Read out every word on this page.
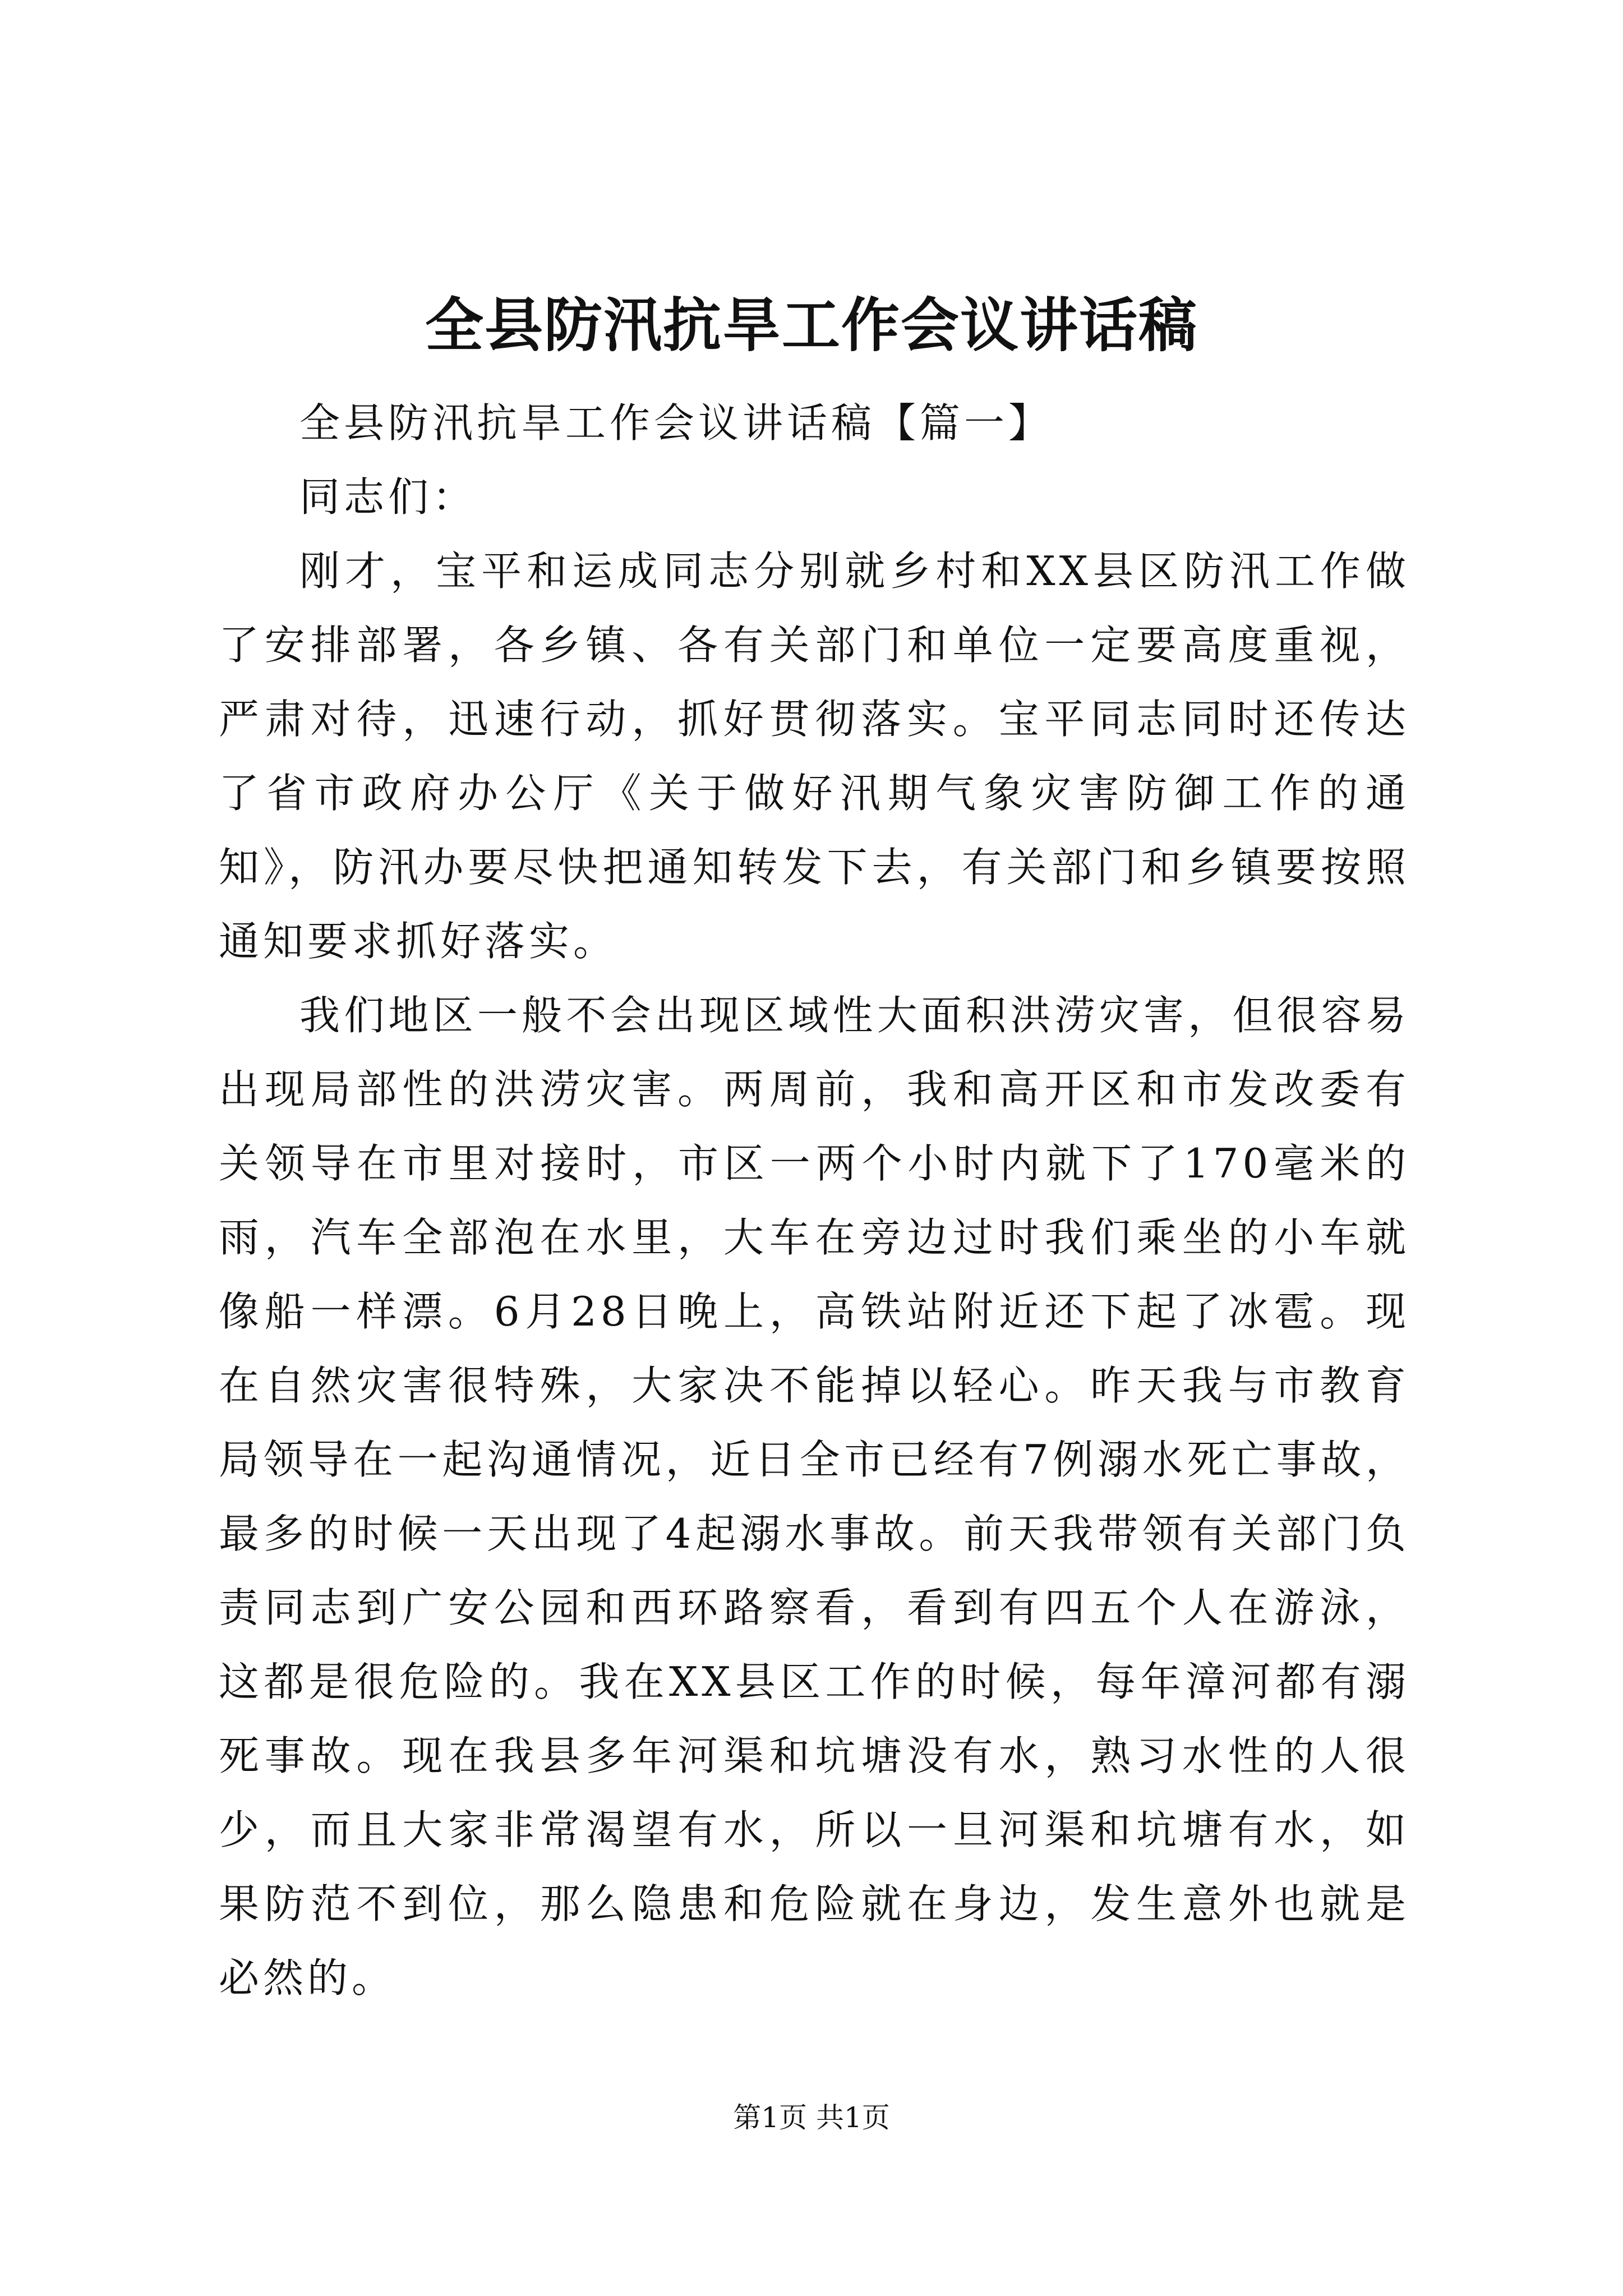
全县防汛抗旱工作会议讲话稿

全县防汛抗旱工作会议讲话稿【篇一】

同志们：

刚才，宝平和运成同志分别就乡村和XX县区防汛工作做了安排部署，各乡镇、各有关部门和单位一定要高度重视，严肃对待，迅速行动，抓好贯彻落实。宝平同志同时还传达了省市政府办公厅《关于做好汛期气象灾害防御工作的通知》，防汛办要尽快把通知转发下去，有关部门和乡镇要按照通知要求抓好落实。

我们地区一般不会出现区域性大面积洪涝灾害，但很容易出现局部性的洪涝灾害。两周前，我和高开区和市发改委有关领导在市里对接时，市区一两个小时内就下了170毫米的雨，汽车全部泡在水里，大车在旁边过时我们乘坐的小车就像船一样漂。6月28日晚上，高铁站附近还下起了冰雹。现在自然灾害很特殊，大家决不能掉以轻心。昨天我与市教育局领导在一起沟通情况，近日全市已经有7例溺水死亡事故，最多的时候一天出现了4起溺水事故。前天我带领有关部门负责同志到广安公园和西环路察看，看到有四五个人在游泳，这都是很危险的。我在XX县区工作的时候，每年漳河都有溺死事故。现在我县多年河渠和坑塘没有水，熟习水性的人很少，而且大家非常渴望有水，所以一旦河渠和坑塘有水，如果防范不到位，那么隐患和危险就在身边，发生意外也就是必然的。

第1页 共1页
